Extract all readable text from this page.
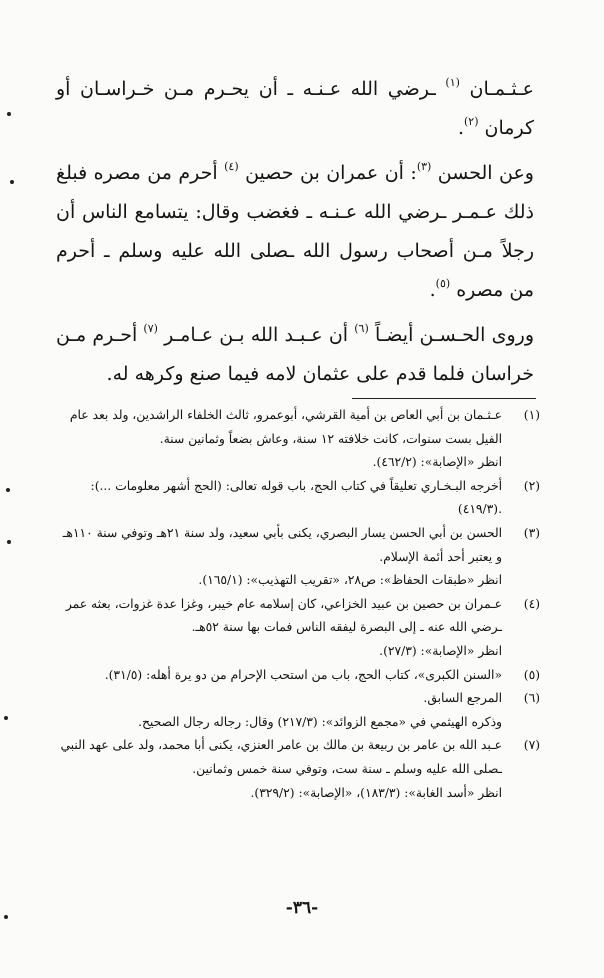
عـثـمـان $^{(١)}$ ـرضي الله عـنـه ـ أن يحـرم مـن خـراسـان أو كرمان $^{(٢)}$.

وعن الحسن $^{(٣)}$: أن عمران بن حصين $^{(٤)}$ أحرم من مصره فبلغ ذلك عـمـر ـرضي الله عـنـه ـ فغضب وقال: يتسامع الناس أن رجلاً مـن أصحاب رسول الله ـصلى الله عليه وسلم ـ أحرم من مصره $^{(٥)}$.

وروى الحـسـن أيضـاً $^{(٦)}$ أن عـبـد الله بـن عـامـر $^{(٧)}$ أحـرم مـن خراسان فلما قدم على عثمان لامه فيما صنع وكرهه له.

(١)
عـثـمان بن أبي العاص بن أمية القرشي، أبوعمرو، ثالث الخلفاء الراشدين، ولد بعد عام
الفيل بست سنوات، كانت خلافته ١٢ سنة، وعاش بضعاً وثمانين سنة.
انظر «الإصابة»: (٤٦٢/٢).
(٢)
أخرجه البـخـاري تعليقاً في كتاب الحج، باب قوله تعالى: (الحج أشهر معلومات ...):
.(٤١٩/٣)
(٣)
الحسن بن أبي الحسن يسار البصري، يكنى بأبي سعيد، ولد سنة ٢١هـ وتوفي سنة ١١٠هـ
و يعتبر أحد أئمة الإسلام.
انظر «طبقات الحفاظ»: ص٢٨، «تقريب التهذيب»: (١٦٥/١).
(٤)
عـمران بن حصين بن عبيد الخزاعي، كان إسلامه عام خيبر، وغزا عدة غزوات، بعثه عمر
ـرضي الله عنه ـ إلى البصرة ليفقه الناس فمات بها سنة ٥٢هـ.
انظر «الإصابة»: (٢٧/٣).
(٥)
«السنن الكبرى»، كتاب الحج، باب من استحب الإحرام من دو يرة أهله: (٣١/٥).
(٦)
المرجع السابق.
وذكره الهيثمي في «مجمع الزوائد»: (٢١٧/٣) وقال: رجاله رجال الصحيح.
(٧)
عـبد الله بن عامر بن ربيعة بن مالك بن عامر العنزي، يكنى أبا محمد، ولد على عهد النبي
ـصلى الله عليه وسلم ـ سنة ست، وتوفي سنة خمس وثمانين.
انظر «أسد الغابة»: (١٨٣/٣)، «الإصابة»: (٣٢٩/٢).
-٣٦-
